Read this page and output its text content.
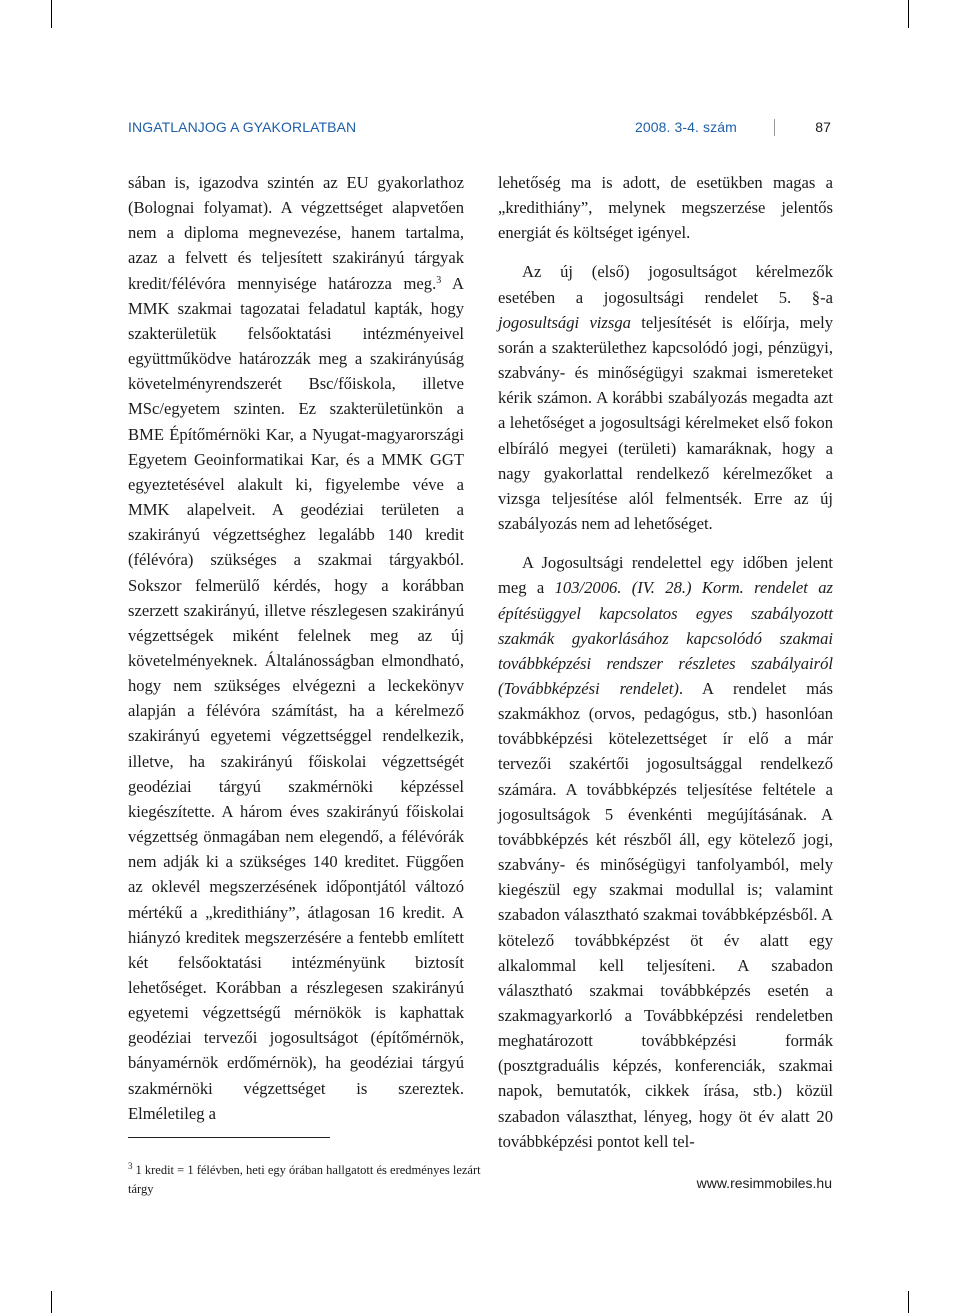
INGATLANJOG A GYAKORLATBAN	2008. 3-4. szám	87

sában is, igazodva szintén az EU gyakorlathoz (Bolognai folyamat). A végzettséget alapvetően nem a diploma megnevezése, hanem tartalma, azaz a felvett és teljesített szakirányú tárgyak kredit/félévóra mennyisége határozza meg.$^3$ A MMK szakmai tagozatai feladatul kapták, hogy szakterületük felsőoktatási intézményeivel együttműködve határozzák meg a szakirányúság követelményrendszerét Bsc/főiskola, illetve MSc/egyetem szinten. Ez szakterületünkön a BME Építőmérnöki Kar, a Nyugat-magyarországi Egyetem Geoinformatikai Kar, és a MMK GGT egyeztetésével alakult ki, figyelembe véve a MMK alapelveit. A geodéziai területen a szakirányú végzettséghez legalább 140 kredit (félévóra) szükséges a szakmai tárgyakból. Sokszor felmerülő kérdés, hogy a korábban szerzett szakirányú, illetve részlegesen szakirányú végzettségek miként felelnek meg az új követelményeknek. Általánosságban elmondható, hogy nem szükséges elvégezni a leckekönyv alapján a félévóra számítást, ha a kérelmező szakirányú egyetemi végzettséggel rendelkezik, illetve, ha szakirányú főiskolai végzettségét geodéziai tárgyú szakmérnöki képzéssel kiegészítette. A három éves szakirányú főiskolai végzettség önmagában nem elegendő, a félévórák nem adják ki a szükséges 140 kreditet. Függően az oklevél megszerzésének időpontjától változó mértékű a „kredithiány”, átlagosan 16 kredit. A hiányzó kreditek megszerzésére a fentebb említett két felsőoktatási intézményünk biztosít lehetőséget. Korábban a részlegesen szakirányú egyetemi végzettségű mérnökök is kaphattak geodéziai tervezői jogosultságot (építőmérnök, bányamérnök erdőmérnök), ha geodéziai tárgyú szakmérnöki végzettséget is szereztek. Elméletileg a

lehetőség ma is adott, de esetükben magas a „kredithiány”, melynek megszerzése jelentős energiát és költséget igényel.

Az új (első) jogosultságot kérelmezők esetében a jogosultsági rendelet 5. §-a jogosultsági vizsga teljesítését is előírja, mely során a szakterülethez kapcsolódó jogi, pénzügyi, szabvány- és minőségügyi szakmai ismereteket kérik számon. A korábbi szabályozás megadta azt a lehetőséget a jogosultsági kérelmeket első fokon elbíráló megyei (területi) kamaráknak, hogy a nagy gyakorlattal rendelkező kérelmezőket a vizsga teljesítése alól felmentsék. Erre az új szabályozás nem ad lehetőséget.

A Jogosultsági rendelettel egy időben jelent meg a 103/2006. (IV. 28.) Korm. rendelet az építésüggyel kapcsolatos egyes szabályozott szakmák gyakorlásához kapcsolódó szakmai továbbképzési rendszer részletes szabályairól (Továbbképzési rendelet). A rendelet más szakmákhoz (orvos, pedagógus, stb.) hasonlóan továbbképzési kötelezettséget ír elő a már tervezői szakértői jogosultsággal rendelkező számára. A továbbképzés teljesítése feltétele a jogosultságok 5 évenkénti megújításának. A továbbképzés két részből áll, egy kötelező jogi, szabvány- és minőségügyi tanfolyamból, mely kiegészül egy szakmai modullal is; valamint szabadon választható szakmai továbbképzésből. A kötelező továbbképzést öt év alatt egy alkalommal kell teljesíteni. A szabadon választható szakmai továbbképzés esetén a szakmagyarkorló a Továbbképzési rendeletben meghatározott továbbképzési formák (posztgraduális képzés, konferenciák, szakmai napok, bemutatók, cikkek írása, stb.) közül szabadon választhat, lényeg, hogy öt év alatt 20 továbbképzési pontot kell tel-

$^3$ 1 kredit = 1 félévben, heti egy órában hallgatott és eredményes lezárt tárgy	www.resimmobiles.hu
